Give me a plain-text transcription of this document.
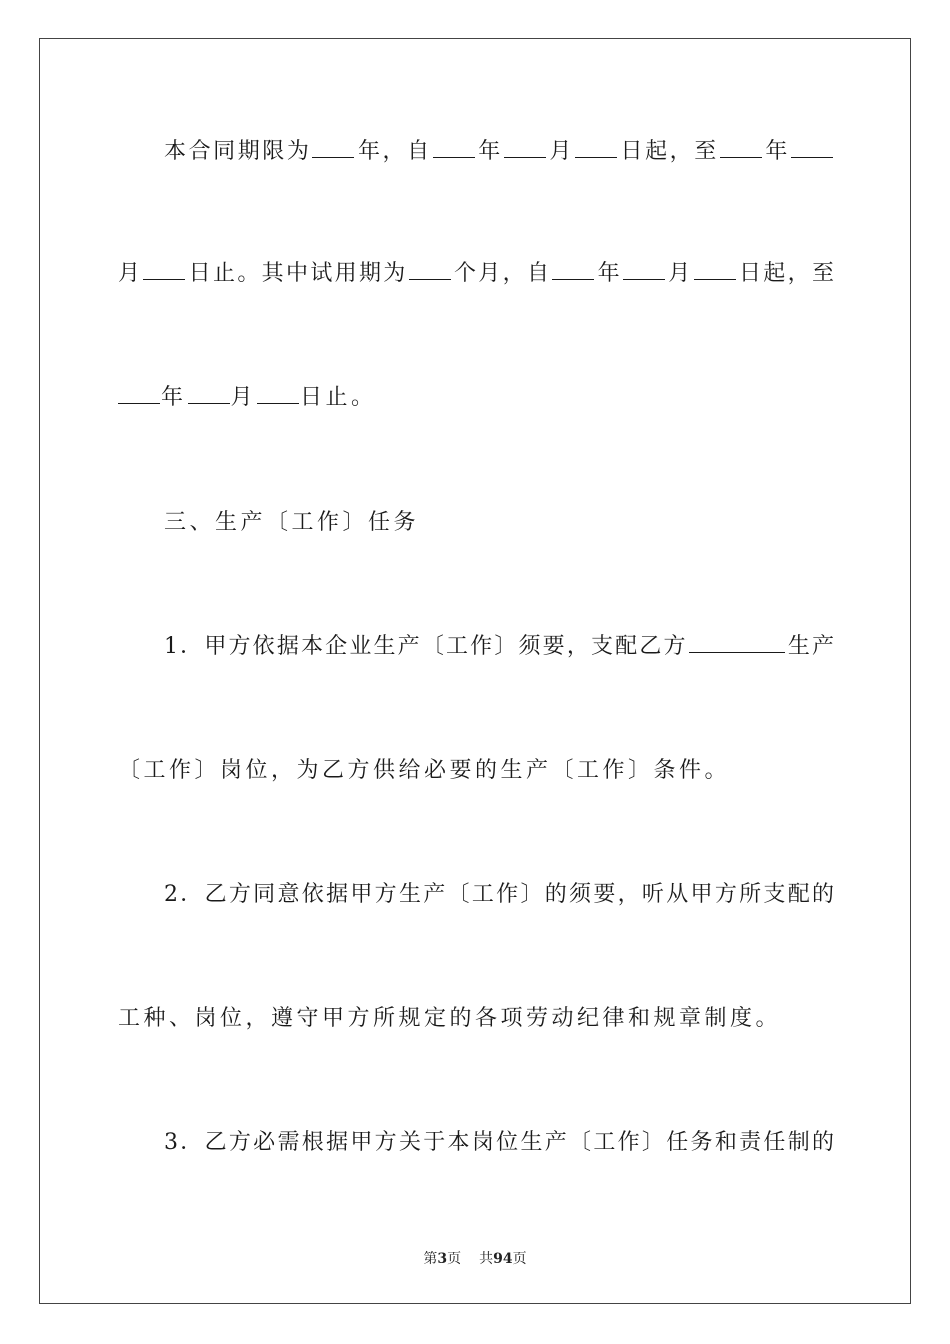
本合同期限为 年，自 年 月 日起，至 年
月 日止。其中试用期为 个月，自 年 月 日起，至
年 月 日止。
三、生产〔工作〕任务
1．甲方依据本企业生产〔工作〕须要，支配乙方	生产
〔工作〕岗位，为乙方供给必要的生产〔工作〕条件。
2．乙方同意依据甲方生产〔工作〕的须要，听从甲方所支配的
工种、岗位，遵守甲方所规定的各项劳动纪律和规章制度。
3．乙方必需根据甲方关于本岗位生产〔工作〕任务和责任制的
第3页 共94页
